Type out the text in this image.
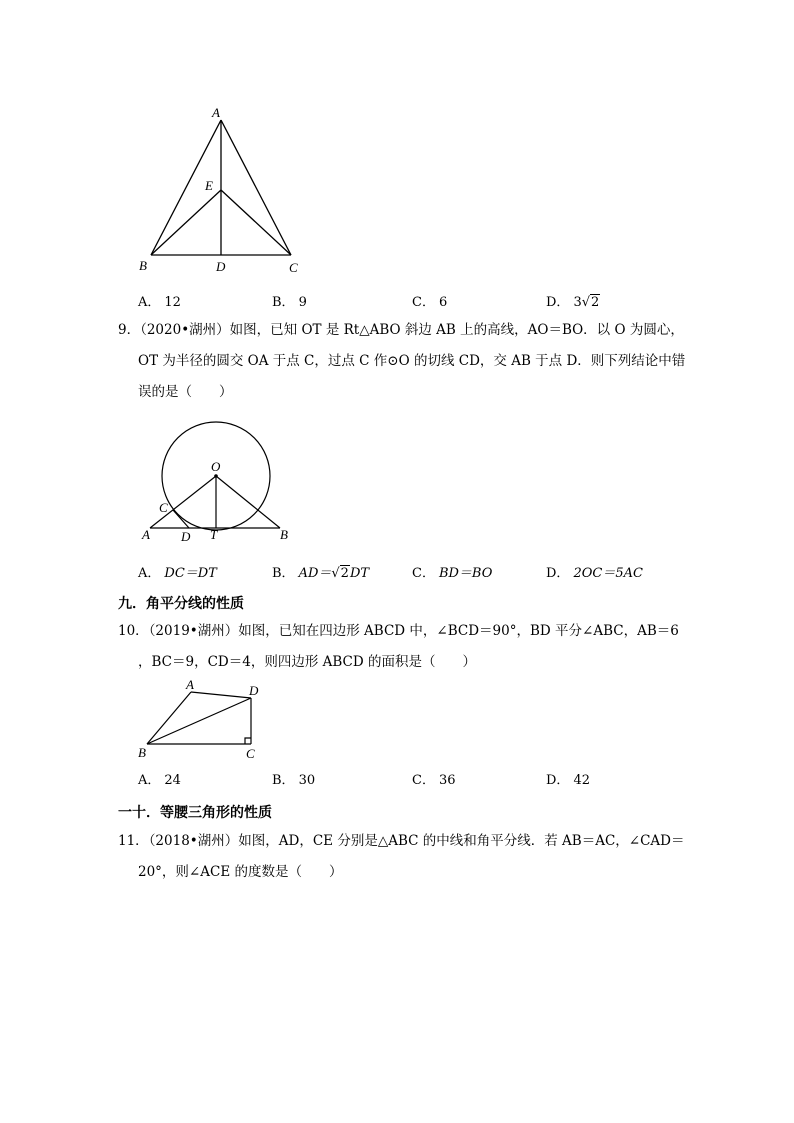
A
E
B	D	C
A． 12	B． 9	C． 6	D． 3√2

9．（2020•湖州）如图，已知 OT 是 Rt△ABO 斜边 AB 上的高线，AO＝BO．以 O 为圆心，

OT 为半径的圆交 OA 于点 C，过点 C 作⊙O 的切线 CD，交 AB 于点 D．则下列结论中错

误的是（　　）

O
C
A D T	B
A． DC＝DT	B． AD＝√2DT	C． BD＝BO	D． 2OC＝5AC
九．角平分线的性质

10．（2019•湖州）如图，已知在四边形 ABCD 中，∠BCD＝90°，BD 平分∠ABC，AB＝6

，BC＝9，CD＝4，则四边形 ABCD 的面积是（　　）

A	D
B	C
A． 24	B． 30	C． 36	D． 42
一十．等腰三角形的性质

11．（2018•湖州）如图，AD，CE 分别是△ABC 的中线和角平分线．若 AB＝AC，∠CAD＝

20°，则∠ACE 的度数是（　　）
